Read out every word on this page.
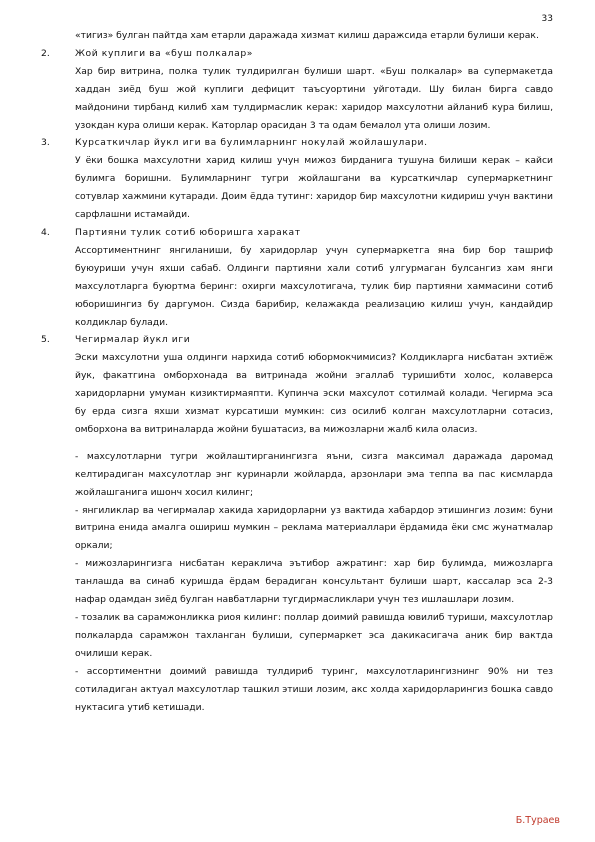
33

«тигиз» булган пайтда хам етарли даражада хизмат килиш даражсида етарли булиши керак.

2.	Жой куплиги ва «буш полкалар»

Хар бир витрина, полка тулик тулдирилган булиши шарт. «Буш полкалар» ва супермакетда хаддан зиёд буш жой куплиги дефицит таъсуортини уйготади. Шу билан бирга савдо майдонини тирбанд килиб хам тулдирмаслик керак: харидор махсулотни айланиб кура билиш, узокдан кура олиши керак. Каторлар орасидан 3 та одам бемалол ута олиши лозим.

3.	Курсаткичлар йукл иги ва булимларнинг нокулай жойлашулари.

У ёки бошка махсулотни харид килиш учун мижоз бирданига тушуна билиши керак – кайси булимга боришни. Булимларнинг тугри жойлашгани ва курсаткичлар супермаркетнинг сотувлар хажмини кутаради. Доим ёдда тутинг: харидор бир махсулотни кидириш учун вактини сарфлашни истамайди.

4.	Партияни тулик сотиб юборишга харакат

Ассортиментнинг янгиланиши, бу харидорлар учун супермаркетга яна бир бор ташриф буюуриши учун яхши сабаб. Олдинги партияни хали сотиб улгурмаган булсангиз хам янги махсулотларга буюртма беринг: охирги махсулотигача, тулик бир партияни хаммасини сотиб юборишингиз бу даргумон. Сизда барибир, келажакда реализацию килиш учун, кандайдир колдиклар булади.

5.	Чегирмалар йукл иги

Эски махсулотни уша олдинги нархида сотиб юбормокчимисиз? Колдикларга нисбатан эхтиёж йук, факатгина омборхонада ва витринада жойни эгаллаб туришибти холос, колаверса харидорларни умуман кизиктирмаяпти. Купинча эски махсулот сотилмай колади. Чегирма эса бу ерда сизга яхши хизмат курсатиши мумкин: сиз осилиб колган махсулотларни сотасиз, омборхона ва витриналарда жойни бушатасиз, ва мижозларни жалб кила оласиз.

- махсулотларни тугри жойлаштирганингизга яъни, сизга максимал даражада даромад келтирадиган махсулотлар энг куринарли жойларда, арзонлари эма теппа ва пас кисмларда жойлашганига ишонч хосил килинг;
- янгиликлар ва чегирмалар хакида харидорларни уз вактида хабардор этишингиз лозим: буни витрина енида амалга ошириш мумкин – реклама материаллари ёрдамида ёки смс жунатмалар оркали;
- мижозларингизга нисбатан кераклича эътибор ажратинг: хар бир булимда, мижозларга танлашда ва синаб куришда ёрдам берадиган консультант булиши шарт, кассалар эса 2-3 нафар одамдан зиёд булган навбатларни тугдирмасликлари учун тез ишлашлари лозим.
- тозалик ва сарамжонликка риоя килинг: поллар доимий равишда ювилиб туриши, махсулотлар полкаларда сарамжон тахланган булиши, супермаркет эса дакикасигача аник бир вактда очилиши керак.
- ассортиментни доимий равишда тулдириб туринг, махсулотларингизнинг 90% ни тез сотиладиган актуал махсулотлар ташкил этиши лозим, акс холда харидорларингиз бошка савдо нуктасига утиб кетишади.
Б.Тураев
